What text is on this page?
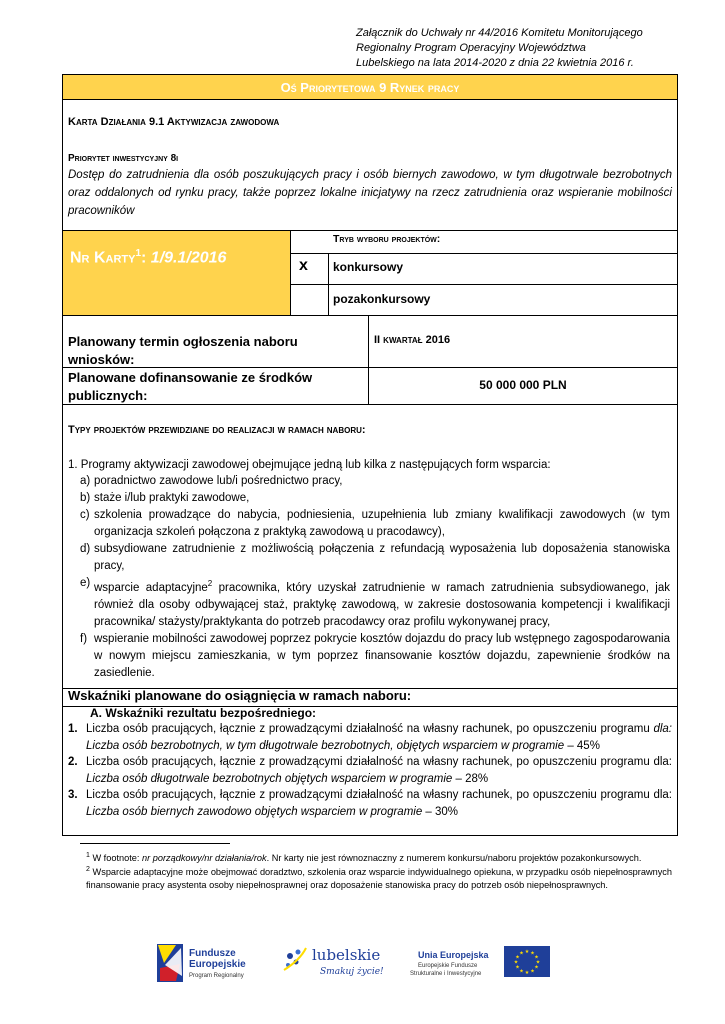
Załącznik do Uchwały nr 44/2016 Komitetu Monitorującego
Regionalny Program Operacyjny Województwa
Lubelskiego na lata 2014-2020 z dnia 22 kwietnia 2016 r.
Oś Priorytetowa 9 Rynek pracy
Karta Działania 9.1 Aktywizacja zawodowa
Priorytet inwestycyjny 8i
Dostęp do zatrudnienia dla osób poszukujących pracy i osób biernych zawodowo, w tym długotrwale bezrobotnych oraz oddalonych od rynku pracy, także poprzez lokalne inicjatywy na rzecz zatrudnienia oraz wspieranie mobilności pracowników
Nr Karty$^1$: 1/9.1/2016
Tryb wyboru projektów:
x konkursowy
pozakonkursowy
Planowany termin ogłoszenia naboru wniosków:
II kwartał 2016
Planowane dofinansowanie ze środków publicznych:
50 000 000 PLN
Typy projektów przewidziane do realizacji w ramach naboru:
1. Programy aktywizacji zawodowej obejmujące jedną lub kilka z następujących form wsparcia:
a) poradnictwo zawodowe lub/i pośrednictwo pracy,
b) staże i/lub praktyki zawodowe,
c) szkolenia prowadzące do nabycia, podniesienia, uzupełnienia lub zmiany kwalifikacji zawodowych (w tym organizacja szkoleń połączona z praktyką zawodową u pracodawcy),
d) subsydiowane zatrudnienie z możliwością połączenia z refundacją wyposażenia lub doposażenia stanowiska pracy,
e) wsparcie adaptacyjne$^2$ pracownika, który uzyskał zatrudnienie w ramach zatrudnienia subsydiowanego, jak również dla osoby odbywającej staż, praktykę zawodową, w zakresie dostosowania kompetencji i kwalifikacji pracownika/ stażysty/praktykanta do potrzeb pracodawcy oraz profilu wykonywanej pracy,
f) wspieranie mobilności zawodowej poprzez pokrycie kosztów dojazdu do pracy lub wstępnego zagospodarowania w nowym miejscu zamieszkania, w tym poprzez finansowanie kosztów dojazdu, zapewnienie środków na zasiedlenie.
Wskaźniki planowane do osiągnięcia w ramach naboru:
A. Wskaźniki rezultatu bezpośredniego:
1. Liczba osób pracujących, łącznie z prowadzącymi działalność na własny rachunek, po opuszczeniu programu dla: Liczba osób bezrobotnych, w tym długotrwale bezrobotnych, objętych wsparciem w programie – 45%
2. Liczba osób pracujących, łącznie z prowadzącymi działalność na własny rachunek, po opuszczeniu programu dla: Liczba osób długotrwale bezrobotnych objętych wsparciem w programie – 28%
3. Liczba osób pracujących, łącznie z prowadzącymi działalność na własny rachunek, po opuszczeniu programu dla: Liczba osób biernych zawodowo objętych wsparciem w programie – 30%
$^1$ W footnote: nr porządkowy/nr działania/rok. Nr karty nie jest równoznaczny z numerem konkursu/naboru projektów pozakonkursowych.
$^2$ Wsparcie adaptacyjne może obejmować doradztwo, szkolenia oraz wsparcie indywidualnego opiekuna, w przypadku osób niepełnosprawnych finansowanie pracy asystenta osoby niepełnosprawnej oraz doposażenie stanowiska pracy do potrzeb osób niepełnosprawnych.
Fundusze
Europejskie
Program Regionalny
lubelskie
Smakuj życie!
Unia Europejska
Europejskie Fundusze
Strukturalne i Inwestycyjne
★ ★
★
★
★
★
★
★
★
★
★
★
